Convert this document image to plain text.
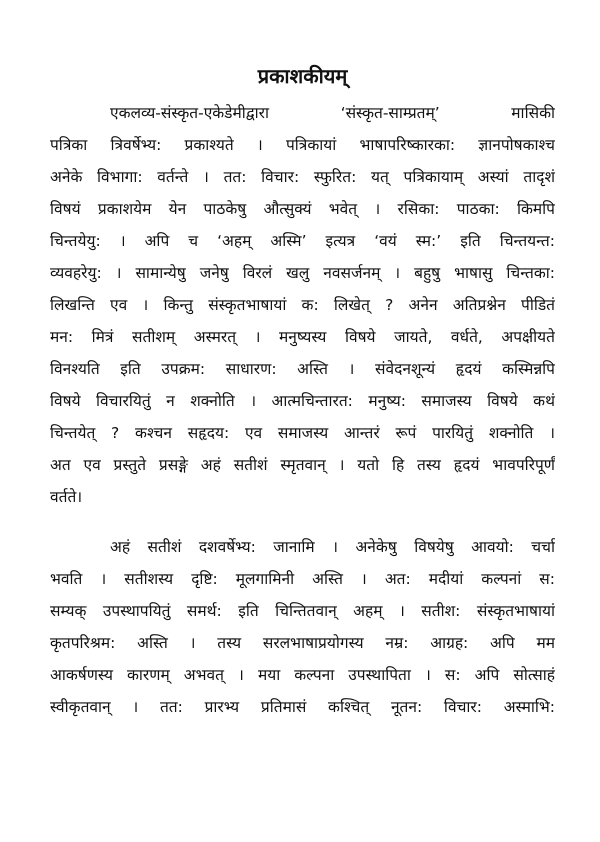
प्रकाशकीयम्
एकलव्य-संस्कृत-एकेडेमीद्वारा ‘संस्कृत-साम्प्रतम्’ मासिकी
पत्रिका त्रिवर्षेभ्य: प्रकाश्यते । पत्रिकायां भाषापरिष्कारका: ज्ञानपोषकाश्च
अनेके विभागा: वर्तन्ते । तत: विचार: स्फुरित: यत् पत्रिकायाम् अस्यां तादृशं
विषयं प्रकाशयेम येन पाठकेषु औत्सुक्यं भवेत् । रसिका: पाठका: किमपि
चिन्तयेयु: । अपि च ‘अहम् अस्मि’ इत्यत्र ‘वयं स्म:’ इति चिन्तयन्त:
व्यवहरेयु: । सामान्येषु जनेषु विरलं खलु नवसर्जनम् । बहुषु भाषासु चिन्तका:
लिखन्ति एव । किन्तु संस्कृतभाषायां क: लिखेत् ? अनेन अतिप्रश्नेन पीडितं
मन: मित्रं सतीशम् अस्मरत् । मनुष्यस्य विषये जायते, वर्धते, अपक्षीयते
विनश्यति इति उपक्रम: साधारण: अस्ति । संवेदनशून्यं हृदयं कस्मिन्नपि
विषये विचारयितुं न शक्नोति । आत्मचिन्तारत: मनुष्य: समाजस्य विषये कथं
चिन्तयेत् ? कश्चन सहृदय: एव समाजस्य आन्तरं रूपं पारयितुं शक्नोति ।
अत एव प्रस्तुते प्रसङ्गे अहं सतीशं स्मृतवान् । यतो हि तस्य हृदयं भावपरिपूर्णं
वर्तते।
अहं सतीशं दशवर्षेभ्य: जानामि । अनेकेषु विषयेषु आवयो: चर्चा
भवति । सतीशस्य दृष्टि: मूलगामिनी अस्ति । अत: मदीयां कल्पनां स:
सम्यक् उपस्थापयितुं समर्थ: इति चिन्तितवान् अहम् । सतीश: संस्कृतभाषायां
कृतपरिश्रम: अस्ति । तस्य सरलभाषाप्रयोगस्य नम्र: आग्रह: अपि मम
आकर्षणस्य कारणम् अभवत् । मया कल्पना उपस्थापिता । स: अपि सोत्साहं
स्वीकृतवान् । तत: प्रारभ्य प्रतिमासं कश्चित् नूतन: विचार: अस्माभि:
